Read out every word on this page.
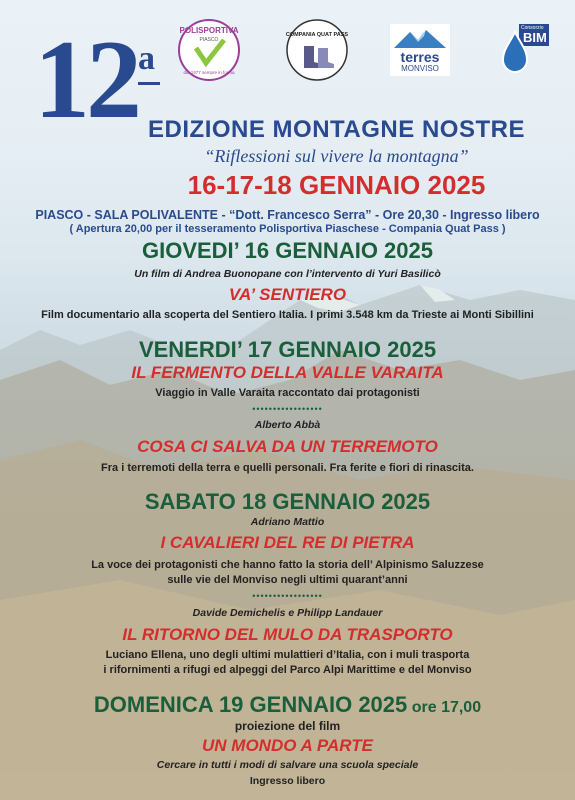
12 a
POLISPORTIVA
PIASCO
dal 1977 sempre in forma
COMPANIA QUAT PASS
terres
MONVISO
Consorzio
BIM
EDIZIONE MONTAGNE NOSTRE
“Riflessioni sul vivere la montagna”
16-17-18 GENNAIO 2025
PIASCO - SALA POLIVALENTE - “Dott. Francesco Serra” - Ore 20,30 - Ingresso libero
( Apertura 20,00 per il tesseramento Polisportiva Piaschese - Compania Quat Pass )
GIOVEDI’ 16 GENNAIO 2025
Un film di Andrea Buonopane con l’intervento di Yuri Basilicò
VA’ SENTIERO
Film documentario alla scoperta del Sentiero Italia. I primi 3.548 km da Trieste ai Monti Sibillini
VENERDI’ 17 GENNAIO 2025
IL FERMENTO DELLA VALLE VARAITA
Viaggio in Valle Varaita raccontato dai protagonisti
•••••••••••••••••
Alberto Abbà
COSA CI SALVA DA UN TERREMOTO
Fra i terremoti della terra e quelli personali. Fra ferite e fiori di rinascita.
SABATO 18 GENNAIO 2025
Adriano Mattio
I CAVALIERI DEL RE DI PIETRA
La voce dei protagonisti che hanno fatto la storia dell’ Alpinismo Saluzzese
sulle vie del Monviso negli ultimi quarant’anni
•••••••••••••••••
Davide Demichelis e Philipp Landauer
IL RITORNO DEL MULO DA TRASPORTO
Luciano Ellena, uno degli ultimi mulattieri d’Italia, con i muli trasporta
i rifornimenti a rifugi ed alpeggi del Parco Alpi Marittime e del Monviso
DOMENICA 19 GENNAIO 2025 ore 17,00
proiezione del film
UN MONDO A PARTE
Cercare in tutti i modi di salvare una scuola speciale
Ingresso libero
